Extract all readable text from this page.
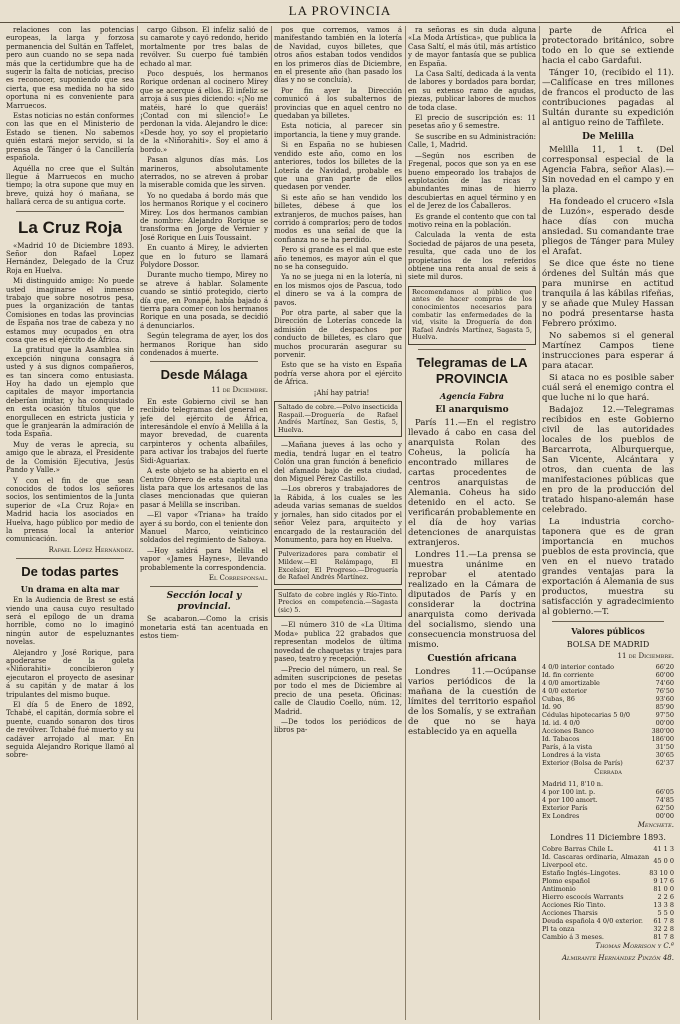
LA PROVINCIA

relaciones con las potencias europeas, la larga y forzosa permanencia del Sultán en Taffelet, pero aun cuando no se sepa nada más que la certidumbre que ha de sugerir la falta de noticias, preciso es reconocer, suponiendo que sea cierta, que esa medida no ha sido oportuna ni es conveniente para Marruecos.

Estas noticias no están conformes con las que en el Ministerio de Estado se tienen. No sabemos quién estará mejor servido, si la prensa de Tánger ó la Cancillería española.

Aquélla no cree que el Sultán llegue á Marruecos en mucho tiempo; la otra supone que muy en breve, quizá hoy ó mañana, se hallará cerca de su antigua corte.

La Cruz Roja

«Madrid 10 de Diciembre 1893. Señor don Rafael Lopez Hernández, Delegado de la Cruz Roja en Huelva.

Mi distinguido amigo: No puede usted imaginarse el inmenso trabajo que sobre nosotros pesa, pues la organización de tantas Comisiones en todas las provincias de España nos trae de cabeza y no estamos muy ocupados en otra cosa que es el ejército de África.

La gratitud que la Asamblea sin excepción ninguna consagra á usted y á sus dignos compañeros, es tan sincera como entusiasta. Hoy ha dado un ejemplo que capitales de mayor importancia deberían imitar, y ha conquistado en esta ocasión títulos que le enorgullecen en estricta justicia y que le granjearán la admiración de toda España.

Muy de veras le aprecia, su amigo que le abraza, el Presidente de la Comisión Ejecutiva, Jesús Pando y Valle.»

Y con el fin de que sean conocidos de todos los señores socios, los sentimientos de la Junta superior de «La Cruz Roja» en Madrid hacia los asociados en Huelva, hago público por medio de la prensa local la anterior comunicación.

Rafael López Hernández.
De todas partes
Un drama en alta mar

En la Audiencia de Brest se está viendo una causa cuyo resultado será el epílogo de un drama horrible, como no lo imaginó ningún autor de espeluznantes novelas.

Alejandro y José Rorique, para apoderarse de la goleta «Niñorahiti» concibieron y ejecutaron el proyecto de asesinar á su capitán y de matar á los tripulantes del mismo buque.

El día 5 de Enero de 1892, Tchabé, el capitán, dormía sobre el puente, cuando sonaron dos tiros de revólver. Tchabé fué muerto y su cadáver arrojado al mar. En seguida Alejandro Rorique llamó al sobre-

cargo Gibson. El infeliz salió de su camarote y cayó redondo, herido mortalmente por tres balas de revólver. Su cuerpo fué también echado al mar.

Poco después, los hermanos Rorique ordenan al cocinero Mirey que se acerque á ellos. El infeliz se arroja á sus pies diciendo: «¡No me matéis, haré lo que queráis! ¡Contad con mi silencio!» Le perdonan la vida. Alejandro le dice: «Desde hoy, yo soy el propietario de la «Niñorahiti». Soy el amo á bordo.»

Pasan algunos días más. Los marineros, absolutamente aterrados, no se atreven á probar la miserable comida que les sirven.

Yo no quedaba á bordo más que los hermanos Rorique y el cocinero Mirey. Los dos hermanos cambian de nombre: Alejandro Rorique se transforma en Jorge de Vernier y José Rorique en Luis Toussaint.

En cuanto á Mirey, le advierten que en lo futuro se llamará Polydore Dossor.

Durante mucho tiempo, Mirey no se atreve á hablar. Solamente cuando se sintió protegido, cierto día que, en Ponapé, había bajado á tierra para comer con los hermanos Rorique en una posada, se decidió á denunciarlos.

Según telegrama de ayer, los dos hermanos Rorique han sido condenados á muerte.

Desde Málaga
11 de Diciembre.

En este Gobierno civil se han recibido telegramas del general en jefe del ejército de África, interesándole el envío á Melilla á la mayor brevedad, de cuarenta carpinteros y ochenta albañiles, para activar los trabajos del fuerte Sidi-Aguariax.

A este objeto se ha abierto en el Centro Obrero de esta capital una lista para que los artesanos de las clases mencionadas que quieran pasar á Melilla se inscriban.

—El vapor «Triana» ha traído ayer á su bordo, con el teniente don Manuel Marco, veinticinco soldados del regimiento de Saboya.

—Hoy saldrá para Melilla el vapor «James Haynes», llevando probablemente la correspondencia.

El Corresponsal.
Sección local y provincial.

Se acabaron.—Como la crisis monetaria está tan acentuada en estos tiem-

pos que corremos, vamos á manifestando también en la lotería de Navidad, cuyos billetes, que otros años estaban todos vendidos en los primeros días de Diciembre, en el presente año (han pasado los días y no se concluía).

Por fin ayer la Dirección comunicó á los subalternos de provincias que en aquel centro no quedaban ya billetes.

Esta noticia, al parecer sin importancia, la tiene y muy grande.

Si en España no se hubiesen vendido este año, como en los anteriores, todos los billetes de la Lotería de Navidad, probable es que una gran parte de ellos quedasen por vender.

Si este año se han vendido los billetes, débese á que los extranjeros, de muchos países, han corrido á comprarlos; pero de todos modos es una señal de que la confianza no se ha perdido.

Pero si grande es el mal que este año tenemos, es mayor aún el que no se ha conseguido.

Ya no se juega ni en la lotería, ni en los mismos ojos de Pascua, todo el dinero se va á la compra de pavos.

Por otra parte, al saber que la Dirección de Loterías concede la admisión de despachos por conducto de billetes, es claro que muchos procurarán asegurar su porvenir.

Esto que se ha visto en España podría verse ahora por el ejército de África.

¡Ahí hay patria!

Saltado de cobre.—Polvo insecticida Raspail.—Droguería de Rafael Andrés Martínez, San Gestis, 5, Huelva.

—Mañana jueves á las ocho y media, tendrá lugar en el teatro Colón una gran función á beneficio del afamado bajo de esta ciudad, don Miguel Pérez Castillo.

—Los obreros y trabajadores de la Rábida, á los cuales se les adeuda varias semanas de sueldos y jornales, han sido citados por el señor Velez para, arquitecto y encargado de la restauración del Monumento, para hoy en Huelva.

Pulverizadores para combatir el Mildew.—El Relámpago, El Excelsior, El Progreso.—Droguería de Rafael Andrés Martínez.
Sulfato de cobre inglés y Río-Tinto. Precios en competencia.—Sagasta (sic) 5.

—El número 310 de «La Última Moda» publica 22 grabados que representan modelos de última novedad de chaquetas y trajes para paseo, teatro y recepción.

—Precio del número, un real. Se admiten suscripciones de pesetas por todo el mes de Diciembre al precio de una peseta. Oficinas: calle de Claudio Coello, núm. 12, Madrid.

—De todos los periódicos de libros pa-

ra señoras es sin duda alguna «La Moda Artística», que publica la Casa Saltí, el más útil, más artístico y de mayor fantasía que se publica en España.

La Casa Saltí, dedicada á la venta de labores y bordados para bordar, en su extenso ramo de agudas, piezas, publicar labores de muchos de toda clase.

El precio de suscripción es: 11 pesetas año y 6 semestre.

Se suscribe en su Administración: Calle, 1, Madrid.

—Según nos escriben de Fregenal, pocos que son ya en ese bueno empeorado los trabajos de explotación de las ricas y abundantes minas de hierro descubiertas en aquel término y en el de Jerez de los Caballeros.

Es grande el contento que con tal motivo reina en la población.

Calculada la venta de esta Sociedad de pájaros de una peseta, resulta, que cada uno de los propietarios de los referidos obtiene una renta anual de seis á siete mil duros.

Recomendamos al público que antes de hacer compras de los conocimientos necesarios para combatir las enfermedades de la vid, visite la Droguería de don Rafael Andrés Martínez, Sagasta 5, Huelva.
Telegramas de LA PROVINCIA
Agencia Fabra
El anarquismo

París 11.—En el registro llevado á cabo en casa del anarquista Rolan des Coheus, la policía ha encontrado millares de cartas procedentes de centros anarquistas de Alemania. Coheus ha sido detenido en el acto. Se verificarán probablemente en el día de hoy varias detenciones de anarquistas extranjeros.

Londres 11.—La prensa se muestra unánime en reprobar el atentado realizado en la Cámara de diputados de París y en considerar la doctrina anarquista como derivada del socialismo, siendo una consecuencia monstruosa del mismo.

Cuestión africana

Londres 11.—Ocúpanse varios periódicos de la mañana de la cuestión de límites del territorio español de los Somalís, y se extrañan de que no se haya establecido ya en aquella

parte de África el protectorado británico, sobre todo en lo que se extiende hacia el cabo Gardafui.

Tánger 10, (recibido el 11).—Califícase en tres millones de francos el producto de las contribuciones pagadas al Sultán durante su expedición al antiguo reino de Taffilete.

De Melilla

Melilla 11, 1 t. (Del corresponsal especial de la Agencia Fabra, señor Alas).—Sin novedad en el campo y en la plaza.

Ha fondeado el crucero «Isla de Luzón», esperado desde hace días con mucha ansiedad. Su comandante trae pliegos de Tánger para Muley el Arafat.

Se dice que éste no tiene órdenes del Sultán más que para munirse en actitud tranquila á las kábilas rifeñas, y se añade que Muley Hassan no podrá presentarse hasta Febrero próximo.

No sabemos si el general Martínez Campos tiene instrucciones para esperar á para atacar.

Si ataca no es posible saber cuál será el enemigo contra el que luche ni lo que hará.

Badajoz 12.—Telegramas recibidos en este Gobierno civil de las autoridades locales de los pueblos de Barcarrota, Alburquerque, San Vicente, Alcántara y otros, dan cuenta de las manifestaciones públicas que en pro de la producción del tratado hispano-alemán hase celebrado.

La industria corcho-taponera que es de gran importancia en muchos pueblos de esta provincia, que ven en el nuevo tratado grandes ventajas para la exportación á Alemania de sus productos, muestra su satisfacción y agradecimiento al gobierno.—T.

Valores públicos
BOLSA DE MADRID
11 de Diciembre.
4 0/0 interior contado	66'20
Id. fin corriente	60'00
4 0/0 amortizable	74'60
4 0/0 exterior	76'50
Cubas, 86	93'60
Id. 90	85'90
Cédulas hipotecarias 5 0/0	97'50
Id. id. 4 0/0	00'00
Acciones Banco	380'00
Id. Tabacos	186'00
París, á la vista	31'50
Londres á la vista	30'65
Exterior (Bolsa de París)	62'37
Cerrada
Madrid 11, 8'10 n.	
4 por 100 int. p.	66'05
4 por 100 amort.	74'85
Exterior París	62'50
Ex Londres	00'00
Menchete.
Londres 11 Diciembre 1893.
Cobre Barras Chile L.	41 1 3
Id. Cascaras ordinaria, Almazan Liverpool etc.	45 0 0
Estaño Inglés–Lingotes.	83 10 0
Plomo español	9 17 6
Antimonio	81 0 0
Hierro escocés Warrants	2 2 6
Acciones Río Tinto.	13 3 8
Acciones Tharsis	5 5 0
Deuda española 4 0/0 exterior.	61 7 8
Pl ta onza	32 2 8
Cambio á 3 meses.	81 7 8
Thomas Morrison y C.ª
Almirante Hernández Pinzón 48.
